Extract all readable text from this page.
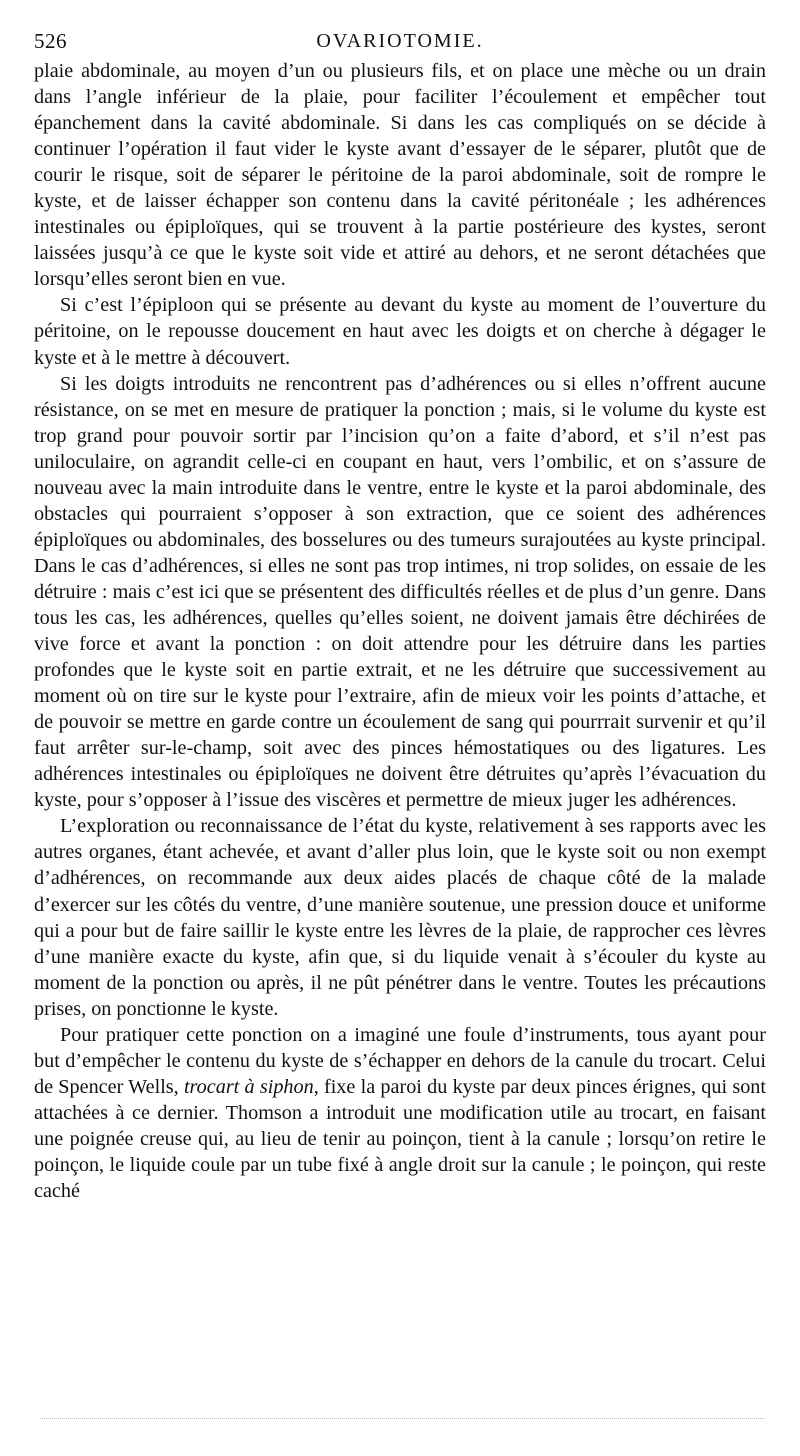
526	OVARIOTOMIE.

plaie abdominale, au moyen d’un ou plusieurs fils, et on place une mèche ou un drain dans l’angle inférieur de la plaie, pour faciliter l’écoulement et empêcher tout épanchement dans la cavité abdominale. Si dans les cas compliqués on se décide à continuer l’opération il faut vider le kyste avant d’essayer de le séparer, plutôt que de courir le risque, soit de séparer le péritoine de la paroi abdominale, soit de rompre le kyste, et de laisser échapper son contenu dans la cavité péritonéale ; les adhérences intestinales ou épiploïques, qui se trouvent à la partie postérieure des kystes, seront laissées jusqu’à ce que le kyste soit vide et attiré au dehors, et ne seront détachées que lorsqu’elles seront bien en vue.

Si c’est l’épiploon qui se présente au devant du kyste au moment de l’ouverture du péritoine, on le repousse doucement en haut avec les doigts et on cherche à dégager le kyste et à le mettre à découvert.

Si les doigts introduits ne rencontrent pas d’adhérences ou si elles n’offrent aucune résistance, on se met en mesure de pratiquer la ponction ; mais, si le volume du kyste est trop grand pour pouvoir sortir par l’incision qu’on a faite d’abord, et s’il n’est pas uniloculaire, on agrandit celle-ci en coupant en haut, vers l’ombilic, et on s’assure de nouveau avec la main introduite dans le ventre, entre le kyste et la paroi abdominale, des obstacles qui pourraient s’opposer à son extraction, que ce soient des adhérences épiploïques ou abdominales, des bosselures ou des tumeurs surajoutées au kyste principal. Dans le cas d’adhérences, si elles ne sont pas trop intimes, ni trop solides, on essaie de les détruire : mais c’est ici que se présentent des difficultés réelles et de plus d’un genre. Dans tous les cas, les adhérences, quelles qu’elles soient, ne doivent jamais être déchirées de vive force et avant la ponction : on doit attendre pour les détruire dans les parties profondes que le kyste soit en partie extrait, et ne les détruire que successivement au moment où on tire sur le kyste pour l’extraire, afin de mieux voir les points d’attache, et de pouvoir se mettre en garde contre un écoulement de sang qui pourrrait survenir et qu’il faut arrêter sur-le-champ, soit avec des pinces hémostatiques ou des ligatures. Les adhérences intestinales ou épiploïques ne doivent être détruites qu’après l’évacuation du kyste, pour s’opposer à l’issue des viscères et permettre de mieux juger les adhérences.

L’exploration ou reconnaissance de l’état du kyste, relativement à ses rapports avec les autres organes, étant achevée, et avant d’aller plus loin, que le kyste soit ou non exempt d’adhérences, on recommande aux deux aides placés de chaque côté de la malade d’exercer sur les côtés du ventre, d’une manière soutenue, une pression douce et uniforme qui a pour but de faire saillir le kyste entre les lèvres de la plaie, de rapprocher ces lèvres d’une manière exacte du kyste, afin que, si du liquide venait à s’écouler du kyste au moment de la ponction ou après, il ne pût pénétrer dans le ventre. Toutes les précautions prises, on ponctionne le kyste.

Pour pratiquer cette ponction on a imaginé une foule d’instruments, tous ayant pour but d’empêcher le contenu du kyste de s’échapper en dehors de la canule du trocart. Celui de Spencer Wells, trocart à siphon, fixe la paroi du kyste par deux pinces érignes, qui sont attachées à ce dernier. Thomson a introduit une modification utile au trocart, en faisant une poignée creuse qui, au lieu de tenir au poinçon, tient à la canule ; lorsqu’on retire le poinçon, le liquide coule par un tube fixé à angle droit sur la canule ; le poinçon, qui reste caché
